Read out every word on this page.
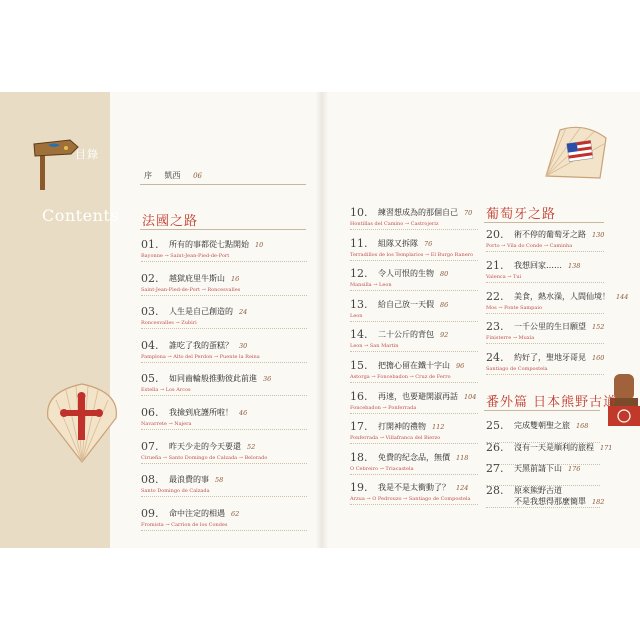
目錄
Contents
序 凱西 06
法國之路	葡萄牙之路
番外篇 日本熊野古道
01. 所有的事都從七點開始 10
Bayonne → Saint-Jean-Pied-de-Port
02. 越獄庇里牛斯山 16
Saint-Jean-Pied-de-Port → Roncesvalles
03. 人生是自己創造的 24
Roncesvalles → Zubiri
04. 誰吃了我的蛋糕？ 30
Pamplona → Alto del Perdon → Puente la Reina
05. 如同齒輪般推動彼此前進 36
Estella → Los Arcos
06. 我撿到庇護所啦！ 46
Navarrete → Najera
07. 昨天少走的今天要還 52
Cirueña → Santo Domingo de Calzada → Belorado
08. 最浪費的事 58
Santo Domingo de Calzada
09. 命中注定的相遇 62
Fromista → Carrion de los Condes
10. 練習想成為的那個自己 70
Hontillas del Camino → Castrojeriz
11. 組隊又拆隊 76
Terradillos de los Templarios → El Burgo Ranero
12. 令人可恨的生物 80
Mansilla → Leon
13. 給自己放一天假 86
Leon
14. 二十公斤的背包 92
Leon → San Martin
15. 把擔心留在鐵十字山 96
Astorga → Foncebadon → Cruz de Ferro
16. 再速，也要避開淑再話 104
Foncebadon → Ponferrada
17. 打開神的禮物 112
Ponferrada → Villafranca del Bierzo
18. 免費的紀念品，無價 118
O Cebreiro → Triacastela
19. 我是不是太衝動了？ 124
Arzua → O Pedrouzo → Santiago de Compostela
20. 術不停的葡萄牙之路 130
Porto → Vila do Conde → Caminha
21. 我想回家…… 138
Valenca → Tui
22. 美食，熱水澡，人間仙境！ 144
Mos → Ponte Sampaio
23. 一千公里的生日願望 152
Finisterre → Muxia
24. 約好了，聖地牙哥見 160
Santiago de Compostela
25. 完成雙朝聖之旅 168
26. 沒有一天是順利的旅程 171
27. 天黑前請下山 176
28. 原來熊野古道
不是我想得那麼簡單 182
